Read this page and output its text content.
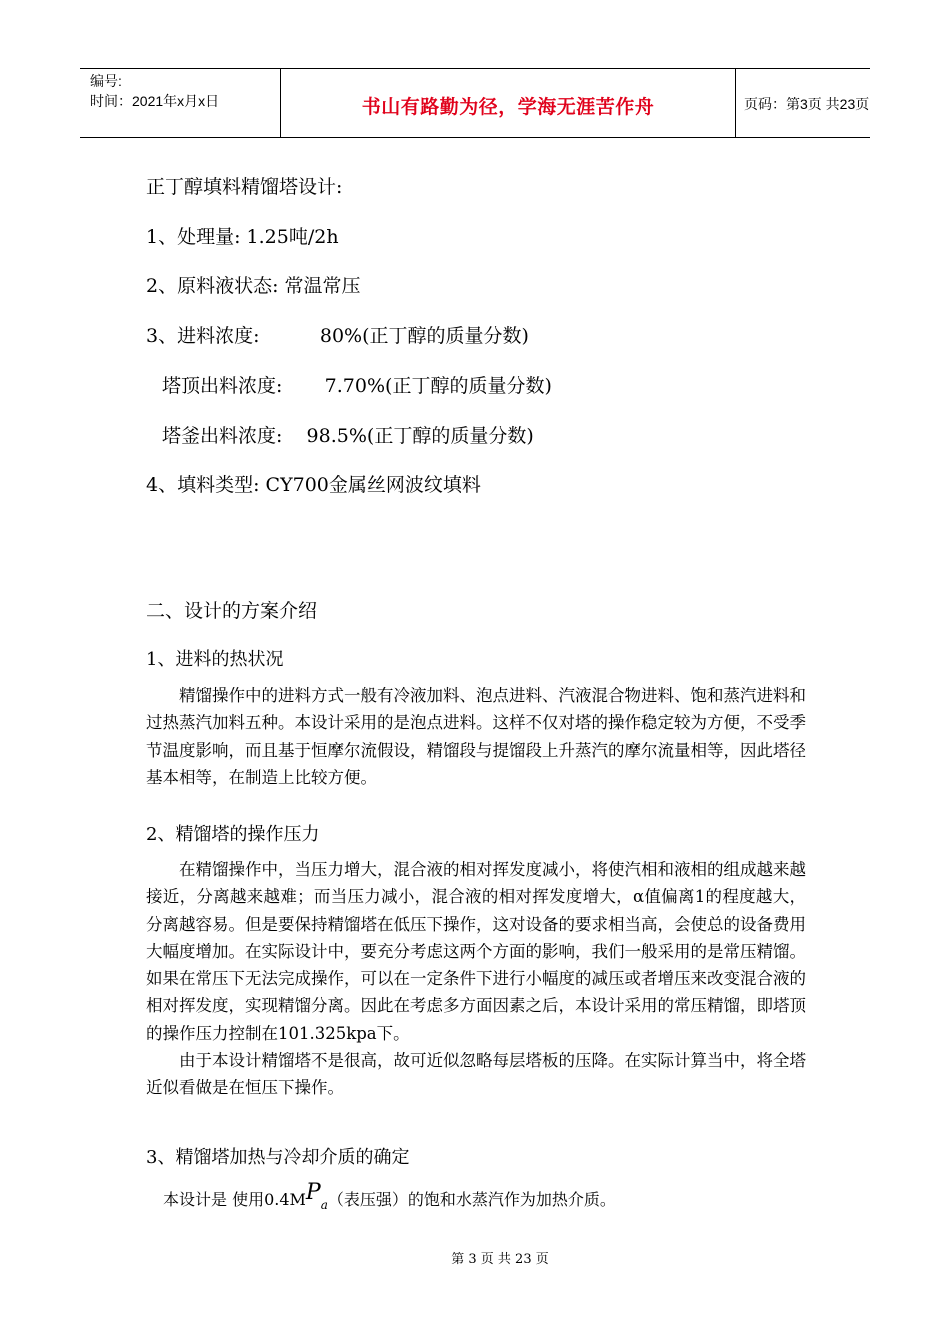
编号:
时间：2021年x月x日	书山有路勤为径，学海无涯苦作舟	页码：第3页 共23页
正丁醇填料精馏塔设计:
1、处理量: 1.25吨/2h
2、原料液状态: 常温常压
3、进料浓度:          80%(正丁醇的质量分数)
塔顶出料浓度:       7.70%(正丁醇的质量分数)
塔釜出料浓度:    98.5%(正丁醇的质量分数)
4、填料类型: CY700金属丝网波纹填料
二、设计的方案介绍
1、进料的热状况

精馏操作中的进料方式一般有冷液加料、泡点进料、汽液混合物进料、饱和蒸汽进料和过热蒸汽加料五种。本设计采用的是泡点进料。这样不仅对塔的操作稳定较为方便，不受季节温度影响，而且基于恒摩尔流假设，精馏段与提馏段上升蒸汽的摩尔流量相等，因此塔径基本相等，在制造上比较方便。

2、精馏塔的操作压力

在精馏操作中，当压力增大，混合液的相对挥发度减小，将使汽相和液相的组成越来越接近，分离越来越难；而当压力减小，混合液的相对挥发度增大，α值偏离1的程度越大，分离越容易。但是要保持精馏塔在低压下操作，这对设备的要求相当高，会使总的设备费用大幅度增加。在实际设计中，要充分考虑这两个方面的影响，我们一般采用的是常压精馏。如果在常压下无法完成操作，可以在一定条件下进行小幅度的减压或者增压来改变混合液的相对挥发度，实现精馏分离。因此在考虑多方面因素之后，本设计采用的常压精馏，即塔顶的操作压力控制在101.325kpa下。

由于本设计精馏塔不是很高，故可近似忽略每层塔板的压降。在实际计算当中，将全塔近似看做是在恒压下操作。

3、精馏塔加热与冷却介质的确定
本设计是 使用$0.4MP_a$（表压强）的饱和水蒸汽作为加热介质。
第 3 页 共 23 页
